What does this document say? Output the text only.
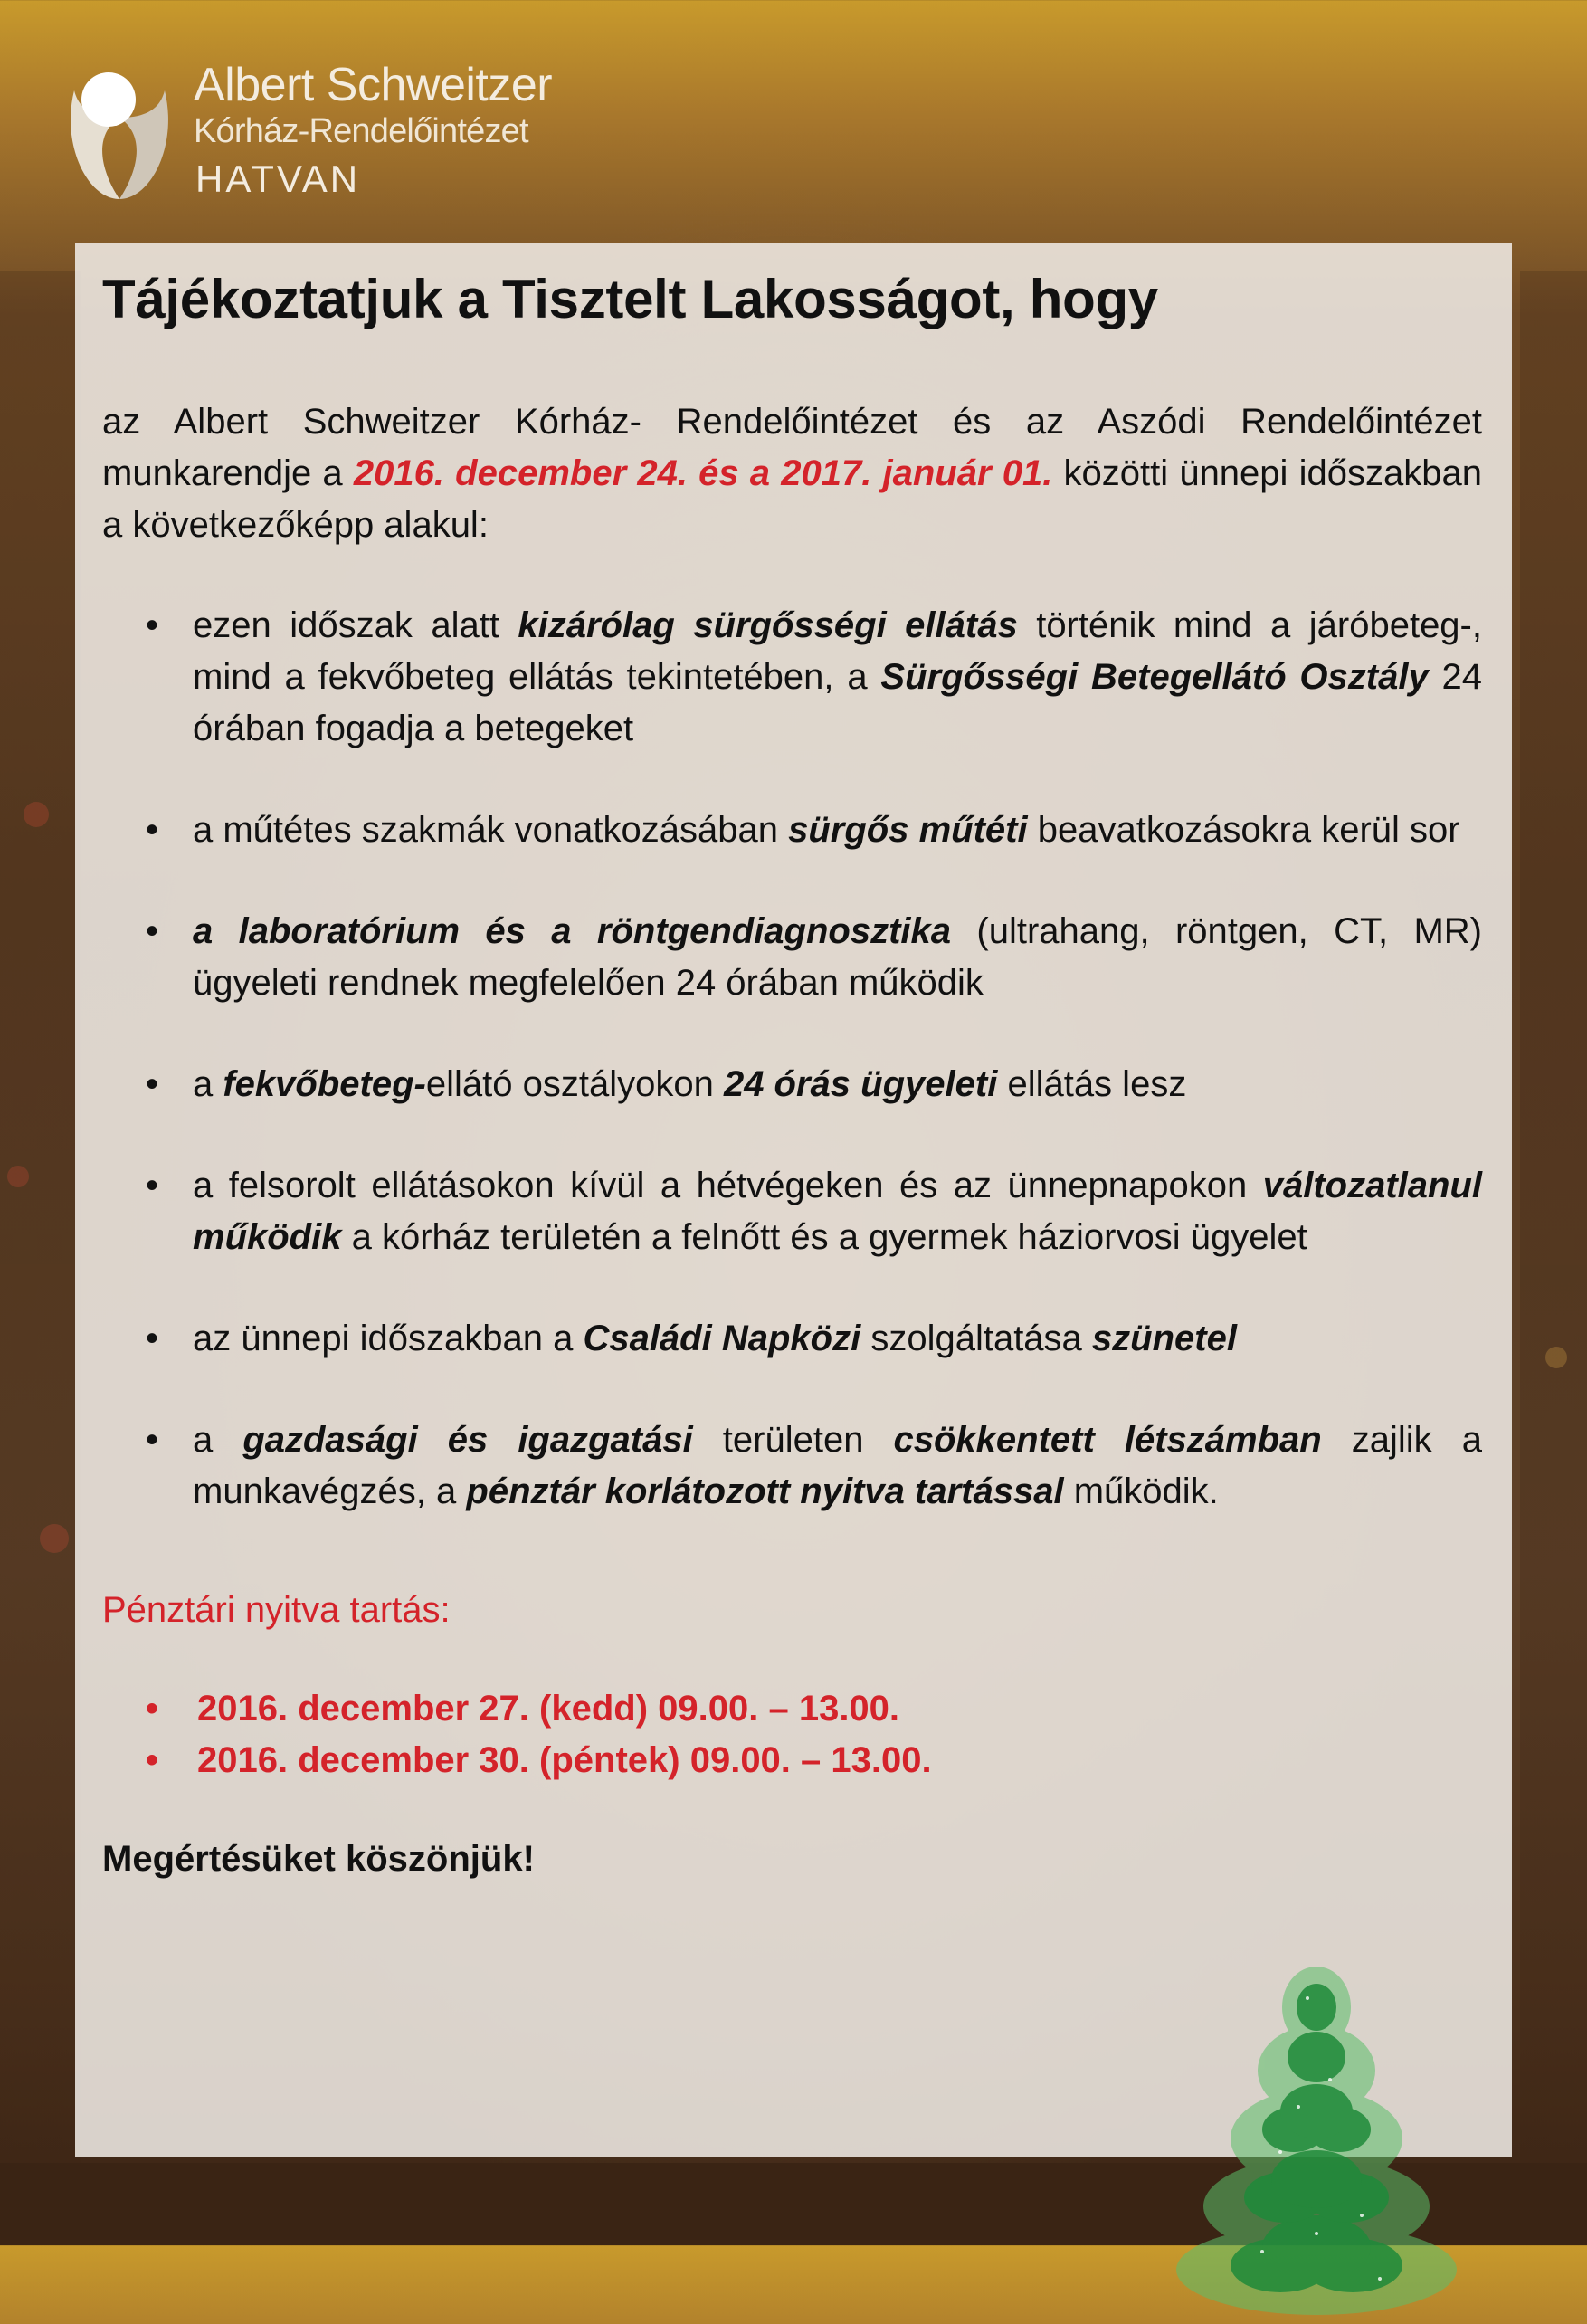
Albert Schweitzer
Kórház-Rendelőintézet
HATVAN
Tájékoztatjuk a Tisztelt Lakosságot, hogy

az Albert Schweitzer Kórház- Rendelőintézet és az Aszódi Rendelőintézet munkarendje a 2016. december 24. és a 2017. január 01. közötti ünnepi időszakban a következőképp alakul:

• ezen időszak alatt kizárólag sürgősségi ellátás történik mind a járóbeteg-, mind a fekvőbeteg ellátás tekintetében, a Sürgősségi Betegellátó Osztály 24 órában fogadja a betegeket
• a műtétes szakmák vonatkozásában sürgős műtéti beavatkozásokra kerül sor
• a laboratórium és a röntgendiagnosztika (ultrahang, röntgen, CT, MR) ügyeleti rendnek megfelelően 24 órában működik
• a fekvőbeteg-ellátó osztályokon 24 órás ügyeleti ellátás lesz
• a felsorolt ellátásokon kívül a hétvégeken és az ünnepnapokon változatlanul működik a kórház területén a felnőtt és a gyermek háziorvosi ügyelet
• az ünnepi időszakban a Családi Napközi szolgáltatása szünetel
• a gazdasági és igazgatási területen csökkentett létszámban zajlik a munkavégzés, a pénztár korlátozott nyitva tartással működik.
Pénztári nyitva tartás:
• 2016. december 27. (kedd) 09.00. – 13.00.
• 2016. december 30. (péntek) 09.00. – 13.00.
Megértésüket köszönjük!
